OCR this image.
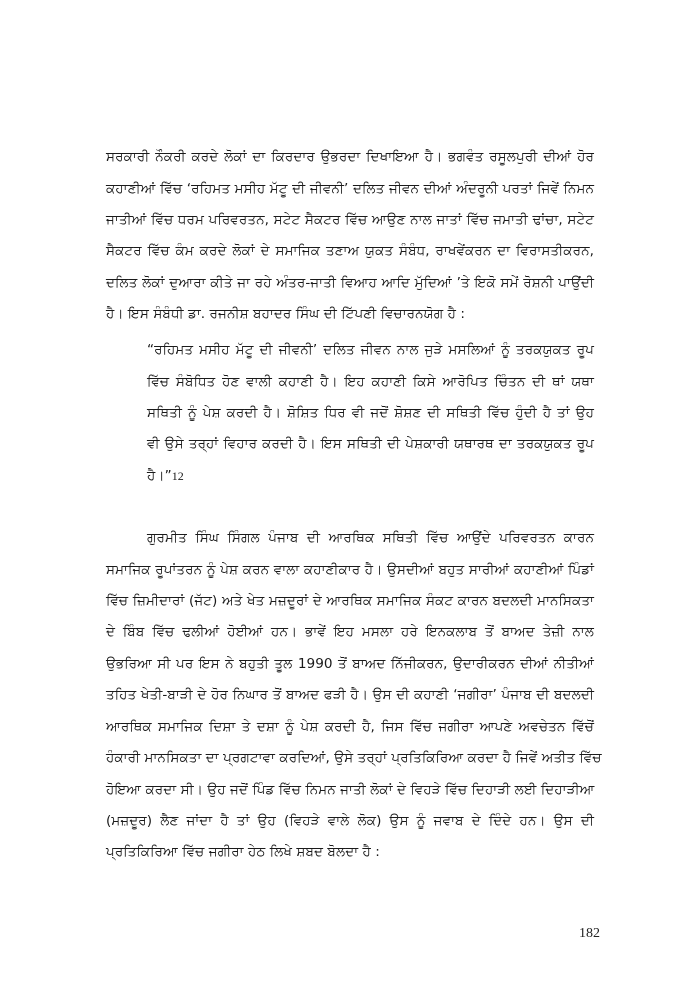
ਸਰਕਾਰੀ ਨੌਕਰੀ ਕਰਦੇ ਲੋਕਾਂ ਦਾ ਕਿਰਦਾਰ ਉਭਰਦਾ ਦਿਖਾਇਆ ਹੈ। ਭਗਵੰਤ ਰਸੂਲਪੁਰੀ ਦੀਆਂ ਹੋਰ
ਕਹਾਣੀਆਂ ਵਿੱਚ ‘ਰਹਿਮਤ ਮਸੀਹ ਮੱਟੂ ਦੀ ਜੀਵਨੀ’ ਦਲਿਤ ਜੀਵਨ ਦੀਆਂ ਅੰਦਰੂਨੀ ਪਰਤਾਂ ਜਿਵੇਂ ਨਿਮਨ
ਜਾਤੀਆਂ ਵਿੱਚ ਧਰਮ ਪਰਿਵਰਤਨ, ਸਟੇਟ ਸੈਕਟਰ ਵਿੱਚ ਆਉਣ ਨਾਲ ਜਾਤਾਂ ਵਿੱਚ ਜਮਾਤੀ ਢਾਂਚਾ, ਸਟੇਟ
ਸੈਕਟਰ ਵਿੱਚ ਕੰਮ ਕਰਦੇ ਲੋਕਾਂ ਦੇ ਸਮਾਜਿਕ ਤਣਾਅ ਯੁਕਤ ਸੰਬੰਧ, ਰਾਖਵੇਂਕਰਨ ਦਾ ਵਿਰਾਸਤੀਕਰਨ,
ਦਲਿਤ ਲੋਕਾਂ ਦੁਆਰਾ ਕੀਤੇ ਜਾ ਰਹੇ ਅੰਤਰ-ਜਾਤੀ ਵਿਆਹ ਆਦਿ ਮੁੱਦਿਆਂ ’ਤੇ ਇਕੋ ਸਮੇਂ ਰੋਸ਼ਨੀ ਪਾਉਂਦੀ
ਹੈ। ਇਸ ਸੰਬੰਧੀ ਡਾ. ਰਜਨੀਸ਼ ਬਹਾਦਰ ਸਿੰਘ ਦੀ ਟਿੱਪਣੀ ਵਿਚਾਰਨਯੋਗ ਹੈ :
“ਰਹਿਮਤ ਮਸੀਹ ਮੱਟੂ ਦੀ ਜੀਵਨੀ’ ਦਲਿਤ ਜੀਵਨ ਨਾਲ ਜੁੜੇ ਮਸਲਿਆਂ ਨੂੰ ਤਰਕਯੁਕਤ ਰੂਪ
ਵਿੱਚ ਸੰਬੋਧਿਤ ਹੋਣ ਵਾਲੀ ਕਹਾਣੀ ਹੈ। ਇਹ ਕਹਾਣੀ ਕਿਸੇ ਆਰੋਪਿਤ ਚਿੰਤਨ ਦੀ ਥਾਂ ਯਥਾ
ਸਥਿਤੀ ਨੂੰ ਪੇਸ਼ ਕਰਦੀ ਹੈ। ਸ਼ੋਸ਼ਿਤ ਧਿਰ ਵੀ ਜਦੋਂ ਸ਼ੋਸ਼ਣ ਦੀ ਸਥਿਤੀ ਵਿੱਚ ਹੁੰਦੀ ਹੈ ਤਾਂ ਉਹ
ਵੀ ਉਸੇ ਤਰ੍ਹਾਂ ਵਿਹਾਰ ਕਰਦੀ ਹੈ। ਇਸ ਸਥਿਤੀ ਦੀ ਪੇਸ਼ਕਾਰੀ ਯਥਾਰਥ ਦਾ ਤਰਕਯੁਕਤ ਰੂਪ
ਹੈ।”12
ਗੁਰਮੀਤ ਸਿੰਘ ਸਿੰਗਲ ਪੰਜਾਬ ਦੀ ਆਰਥਿਕ ਸਥਿਤੀ ਵਿੱਚ ਆਉਂਦੇ ਪਰਿਵਰਤਨ ਕਾਰਨ
ਸਮਾਜਿਕ ਰੂਪਾਂਤਰਨ ਨੂੰ ਪੇਸ਼ ਕਰਨ ਵਾਲਾ ਕਹਾਣੀਕਾਰ ਹੈ। ਉਸਦੀਆਂ ਬਹੁਤ ਸਾਰੀਆਂ ਕਹਾਣੀਆਂ ਪਿੰਡਾਂ
ਵਿੱਚ ਜ਼ਿਮੀਦਾਰਾਂ (ਜੱਟ) ਅਤੇ ਖੇਤ ਮਜ਼ਦੂਰਾਂ ਦੇ ਆਰਥਿਕ ਸਮਾਜਿਕ ਸੰਕਟ ਕਾਰਨ ਬਦਲਦੀ ਮਾਨਸਿਕਤਾ
ਦੇ ਬਿੰਬ ਵਿੱਚ ਢਲੀਆਂ ਹੋਈਆਂ ਹਨ। ਭਾਵੇਂ ਇਹ ਮਸਲਾ ਹਰੇ ਇਨਕਲਾਬ ਤੋਂ ਬਾਅਦ ਤੇਜ਼ੀ ਨਾਲ
ਉਭਰਿਆ ਸੀ ਪਰ ਇਸ ਨੇ ਬਹੁਤੀ ਤੂਲ 1990 ਤੋਂ ਬਾਅਦ ਨਿੱਜੀਕਰਨ, ਉਦਾਰੀਕਰਨ ਦੀਆਂ ਨੀਤੀਆਂ
ਤਹਿਤ ਖੇਤੀ-ਬਾੜੀ ਦੇ ਹੋਰ ਨਿਘਾਰ ਤੋਂ ਬਾਅਦ ਫੜੀ ਹੈ। ਉਸ ਦੀ ਕਹਾਣੀ ‘ਜਗੀਰਾ’ ਪੰਜਾਬ ਦੀ ਬਦਲਦੀ
ਆਰਥਿਕ ਸਮਾਜਿਕ ਦਿਸ਼ਾ ਤੇ ਦਸ਼ਾ ਨੂੰ ਪੇਸ਼ ਕਰਦੀ ਹੈ, ਜਿਸ ਵਿੱਚ ਜਗੀਰਾ ਆਪਣੇ ਅਵਚੇਤਨ ਵਿੱਚੋਂ
ਹੰਕਾਰੀ ਮਾਨਸਿਕਤਾ ਦਾ ਪ੍ਰਗਟਾਵਾ ਕਰਦਿਆਂ, ਉਸੇ ਤਰ੍ਹਾਂ ਪ੍ਰਤਿਕਿਰਿਆ ਕਰਦਾ ਹੈ ਜਿਵੇਂ ਅਤੀਤ ਵਿੱਚ
ਹੋਇਆ ਕਰਦਾ ਸੀ। ਉਹ ਜਦੋਂ ਪਿੰਡ ਵਿੱਚ ਨਿਮਨ ਜਾਤੀ ਲੋਕਾਂ ਦੇ ਵਿਹੜੇ ਵਿੱਚ ਦਿਹਾੜੀ ਲਈ ਦਿਹਾੜੀਆ
(ਮਜ਼ਦੂਰ) ਲੈਣ ਜਾਂਦਾ ਹੈ ਤਾਂ ਉਹ (ਵਿਹੜੇ ਵਾਲੇ ਲੋਕ) ਉਸ ਨੂੰ ਜਵਾਬ ਦੇ ਦਿੰਦੇ ਹਨ। ਉਸ ਦੀ
ਪ੍ਰਤਿਕਿਰਿਆ ਵਿੱਚ ਜਗੀਰਾ ਹੇਠ ਲਿਖੇ ਸ਼ਬਦ ਬੋਲਦਾ ਹੈ :
182
